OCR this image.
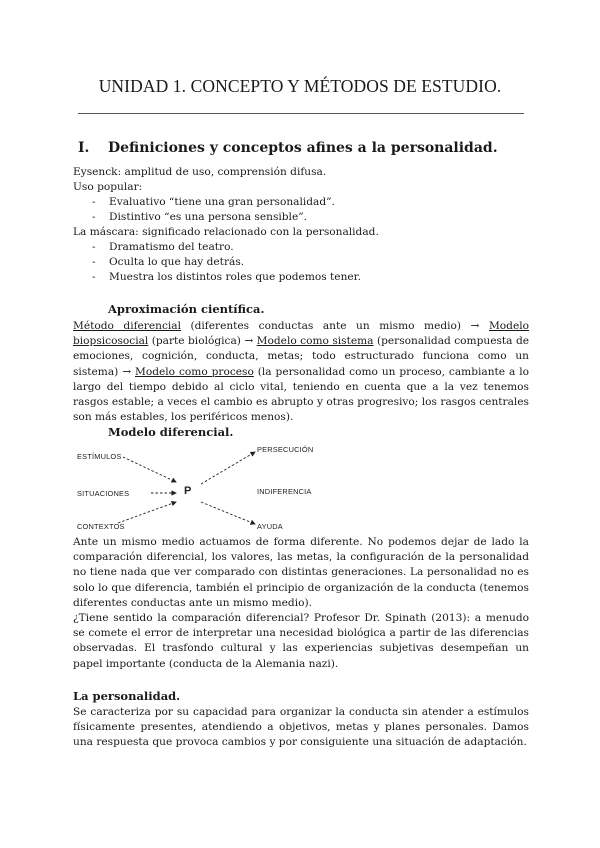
UNIDAD 1. CONCEPTO Y MÉTODOS DE ESTUDIO.
I. Definiciones y conceptos afines a la personalidad.
Eysenck: amplitud de uso, comprensión difusa.
Uso popular:
- Evaluativo “tiene una gran personalidad”.
- Distintivo “es una persona sensible”.
La máscara: significado relacionado con la personalidad.
- Dramatismo del teatro.
- Oculta lo que hay detrás.
- Muestra los distintos roles que podemos tener.
Aproximación científica.
Método diferencial (diferentes conductas ante un mismo medio) → Modelo biopsicosocial (parte biológica) → Modelo como sistema (personalidad compuesta de emociones, cognición, conducta, metas; todo estructurado funciona como un sistema) → Modelo como proceso (la personalidad como un proceso, cambiante a lo largo del tiempo debido al ciclo vital, teniendo en cuenta que a la vez tenemos rasgos estable; a veces el cambio es abrupto y otras progresivo; los rasgos centrales son más estables, los periféricos menos).
Modelo diferencial.
ESTÍMULOS
SITUACIONES
CONTEXTOS
P
PERSECUCIÓN
INDIFERENCIA
AYUDA
Ante un mismo medio actuamos de forma diferente. No podemos dejar de lado la comparación diferencial, los valores, las metas, la configuración de la personalidad no tiene nada que ver comparado con distintas generaciones. La personalidad no es solo lo que diferencia, también el principio de organización de la conducta (tenemos diferentes conductas ante un mismo medio).
¿Tiene sentido la comparación diferencial? Profesor Dr. Spinath (2013): a menudo se comete el error de interpretar una necesidad biológica a partir de las diferencias observadas. El trasfondo cultural y las experiencias subjetivas desempeñan un papel importante (conducta de la Alemania nazi).
La personalidad.
Se caracteriza por su capacidad para organizar la conducta sin atender a estímulos físicamente presentes, atendiendo a objetivos, metas y planes personales. Damos una respuesta que provoca cambios y por consiguiente una situación de adaptación.
